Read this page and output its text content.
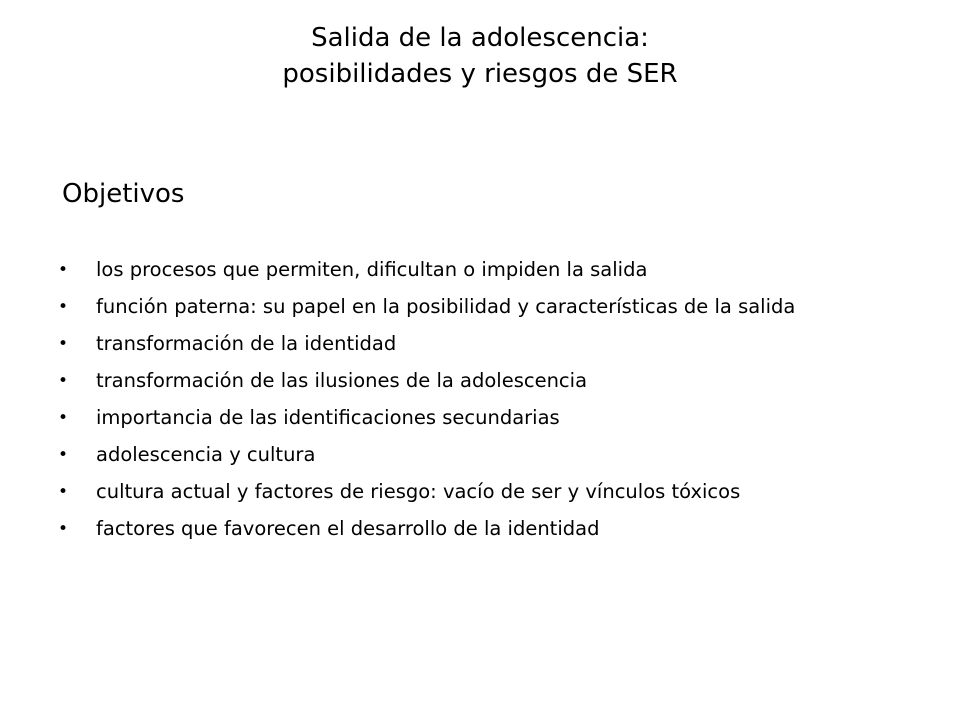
Salida de la adolescencia:
posibilidades y riesgos de SER
Objetivos
• los procesos que permiten, dificultan o impiden la salida
• función paterna: su papel en la posibilidad y características de la salida
• transformación de la identidad
• transformación de las ilusiones de la adolescencia
• importancia de las identificaciones secundarias
• adolescencia y cultura
• cultura actual y factores de riesgo: vacío de ser y vínculos tóxicos
• factores que favorecen el desarrollo de la identidad
